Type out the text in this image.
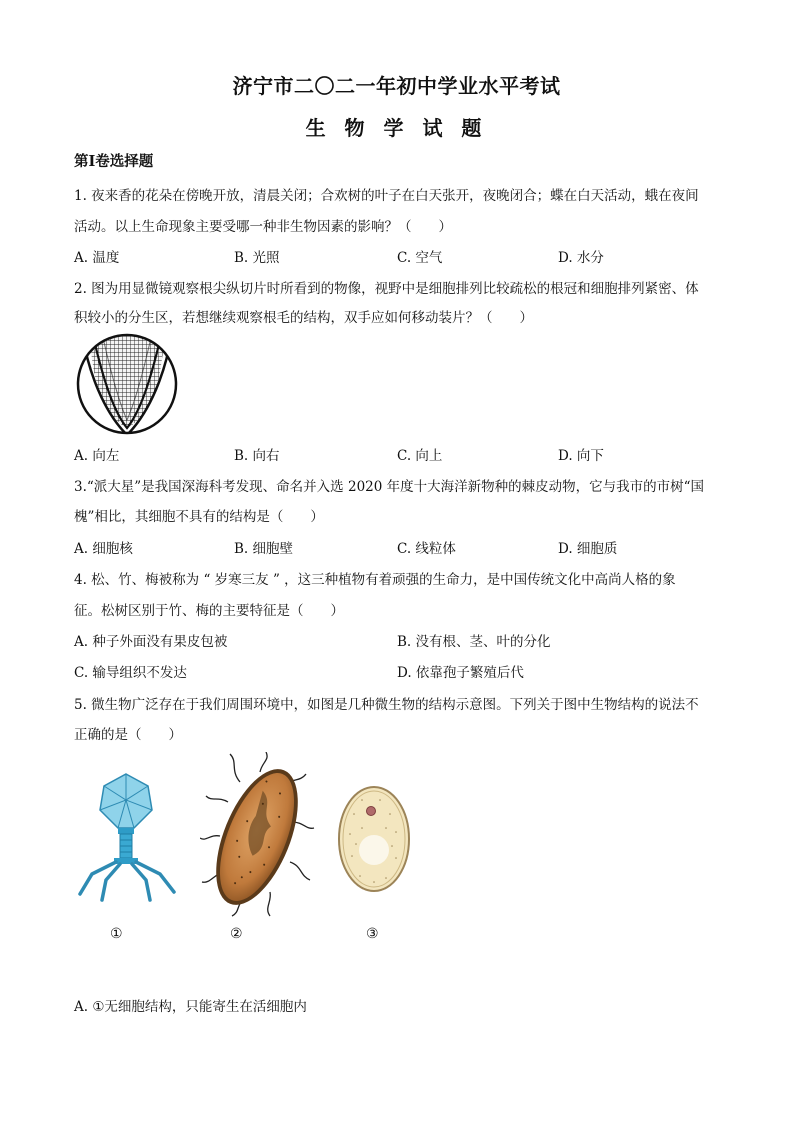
济宁市二〇二一年初中学业水平考试
生 物 学 试 题
第Ⅰ卷选择题
1. 夜来香的花朵在傍晚开放，清晨关闭；合欢树的叶子在白天张开，夜晚闭合；蝶在白天活动，蛾在夜间
活动。以上生命现象主要受哪一种非生物因素的影响？（　　）
A. 温度	B. 光照	C. 空气	D. 水分
2. 图为用显微镜观察根尖纵切片时所看到的物像，视野中是细胞排列比较疏松的根冠和细胞排列紧密、体
积较小的分生区，若想继续观察根毛的结构，双手应如何移动装片？（　　）
A. 向左	B. 向右	C. 向上	D. 向下
3.“派大星”是我国深海科考发现、命名并入选 2020 年度十大海洋新物种的棘皮动物，它与我市的市树“国
槐”相比，其细胞不具有的结构是（　　）
A. 细胞核	B. 细胞壁	C. 线粒体	D. 细胞质
4. 松、竹、梅被称为 “ 岁寒三友 ” ，这三种植物有着顽强的生命力，是中国传统文化中高尚人格的象
征。松树区别于竹、梅的主要特征是（　　）
A. 种子外面没有果皮包被	B. 没有根、茎、叶的分化
C. 输导组织不发达	D. 依靠孢子繁殖后代
5. 微生物广泛存在于我们周围环境中，如图是几种微生物的结构示意图。下列关于图中生物结构的说法不
正确的是（　　）
①	②	③
A. ①无细胞结构，只能寄生在活细胞内
